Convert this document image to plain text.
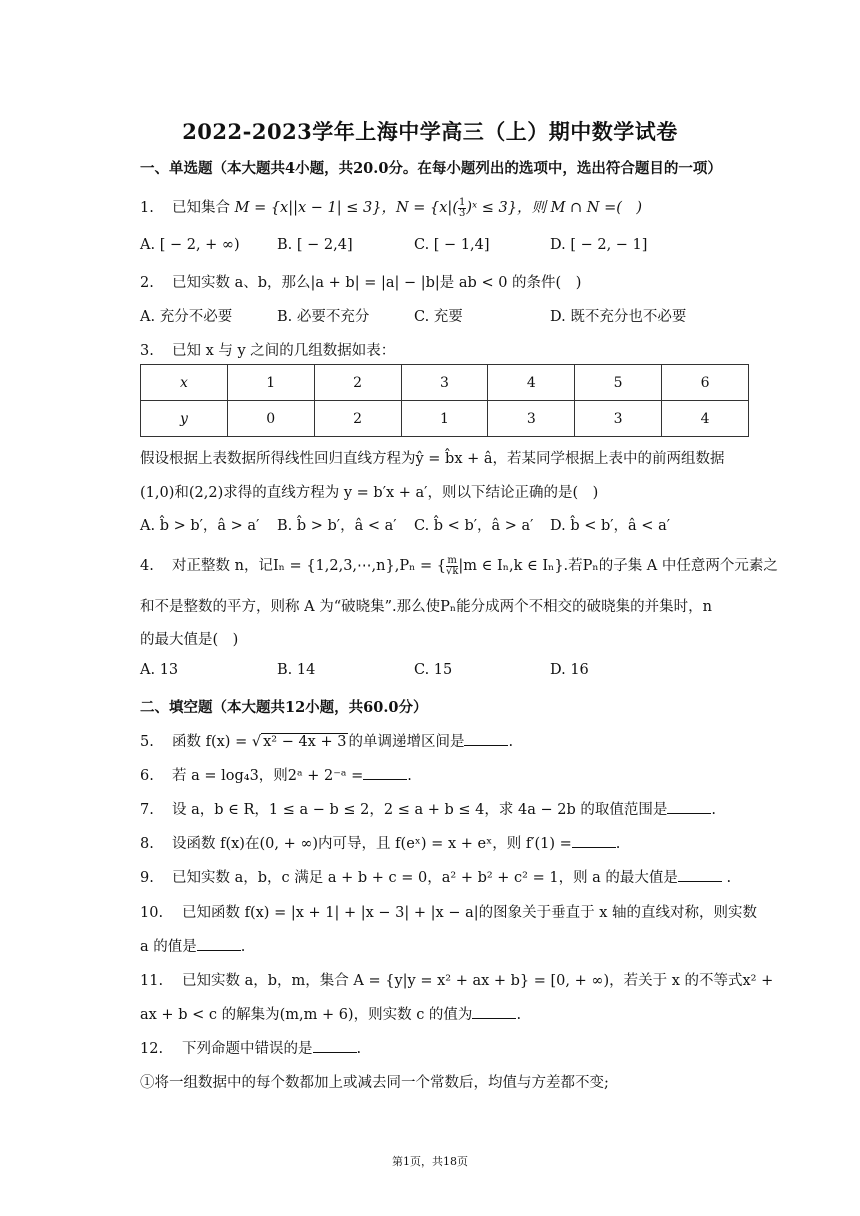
2022-2023学年上海中学高三（上）期中数学试卷
一、单选题（本大题共4小题，共20.0分。在每小题列出的选项中，选出符合题目的一项）
1. 已知集合 M = {x||x − 1| ≤ 3}，$N = \{x|( \frac{1}{3}$ )ˣ ≤ 3}，则 M ∩ N =(　)
A. [ − 2, + ∞)	B. [ − 2,4]	C. [ − 1,4]	D. [ − 2, − 1]
2. 已知实数 a、b，那么|a + b| = |a| − |b|是 ab < 0 的条件(　)
A. 充分不必要	B. 必要不充分	C. 充要	D. 既不充分也不必要
3. 已知 x 与 y 之间的几组数据如表：
x	1	2	3	4	5	6
y	0	2	1	3	3	4
假设根据上表数据所得线性回归直线方程为ŷ = b̂x + â，若某同学根据上表中的前两组数据
(1,0)和(2,2)求得的直线方程为 y = b′x + a′，则以下结论正确的是(　)
A. b̂ > b′，â > a′ B. b̂ > b′，â < a′ C. b̂ < b′，â > a′ D. b̂ < b′，â < a′
4. 对正整数 n，记Iₙ = {1,2,3,⋯,n},Pₙ = { $\frac{m}{√k} |m$ ∈ Iₙ,k ∈ Iₙ}.若Pₙ的子集 A 中任意两个元素之
和不是整数的平方，则称 A 为“破晓集”.那么使Pₙ能分成两个不相交的破晓集的并集时，n
的最大值是(　)
A. 13	B. 14	C. 15	D. 16
二、填空题（本大题共12小题，共60.0分）
5. 函数 f(x) = √ x² − 4x + 3 的单调递增区间是	.
6. 若 a = log₄3，则2ᵃ + 2⁻ᵃ =	.
7. 设 a，b ∈ R，1 ≤ a − b ≤ 2，2 ≤ a + b ≤ 4，求 4a − 2b 的取值范围是	.
8. 设函数 f(x)在(0, + ∞)内可导，且 f(eˣ) = x + eˣ，则 f′(1) =	.
9. 已知实数 a，b，c 满足 a + b + c = 0，a² + b² + c² = 1，则 a 的最大值是	.
10. 已知函数 f(x) = |x + 1| + |x − 3| + |x − a|的图象关于垂直于 x 轴的直线对称，则实数
a 的值是	.
11. 已知实数 a，b，m，集合 A = {y|y = x² + ax + b} = [0, + ∞)，若关于 x 的不等式x² +
ax + b < c 的解集为(m,m + 6)，则实数 c 的值为	.
12. 下列命题中错误的是	.
①将一组数据中的每个数都加上或减去同一个常数后，均值与方差都不变;
第1页，共18页
